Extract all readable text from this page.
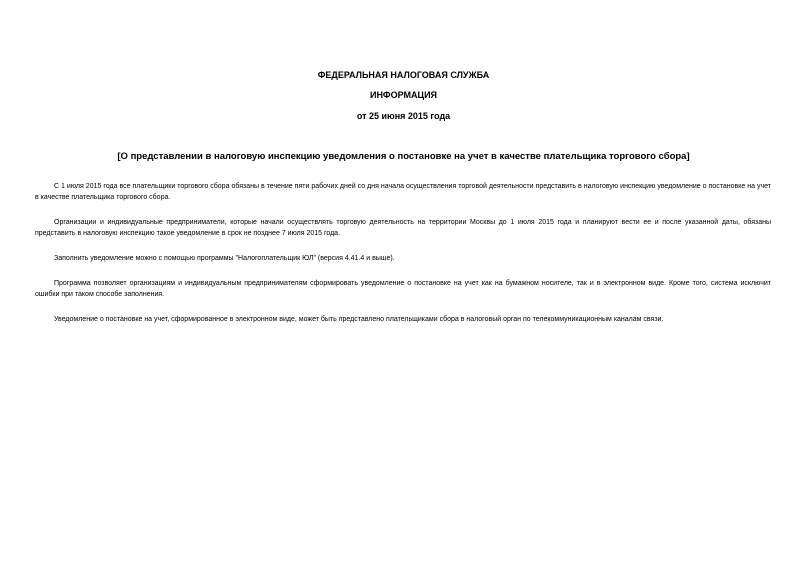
ФЕДЕРАЛЬНАЯ НАЛОГОВАЯ СЛУЖБА

ИНФОРМАЦИЯ

от 25 июня 2015 года

[О представлении в налоговую инспекцию уведомления о постановке на учет в качестве плательщика торгового сбора]

С 1 июля 2015 года все плательщики торгового сбора обязаны в течение пяти рабочих дней со дня начала осуществления торговой деятельности представить в налоговую инспекцию уведомление о постановке на учет в качестве плательщика торгового сбора.

Организации и индивидуальные предприниматели, которые начали осуществлять торговую деятельность на территории Москвы до 1 июля 2015 года и планируют вести ее и после указанной даты, обязаны представить в налоговую инспекцию такое уведомление в срок не позднее 7 июля 2015 года.

Заполнить уведомление можно с помощью программы "Налогоплательщик ЮЛ" (версия 4.41.4 и выше).

Программа позволяет организациям и индивидуальным предпринимателям сформировать уведомление о постановке на учет как на бумажном носителе, так и в электронном виде. Кроме того, система исключит ошибки при таком способе заполнения.

Уведомление о постановке на учет, сформированное в электронном виде, может быть представлено плательщиками сбора в налоговый орган по телекоммуникационным каналам связи.
